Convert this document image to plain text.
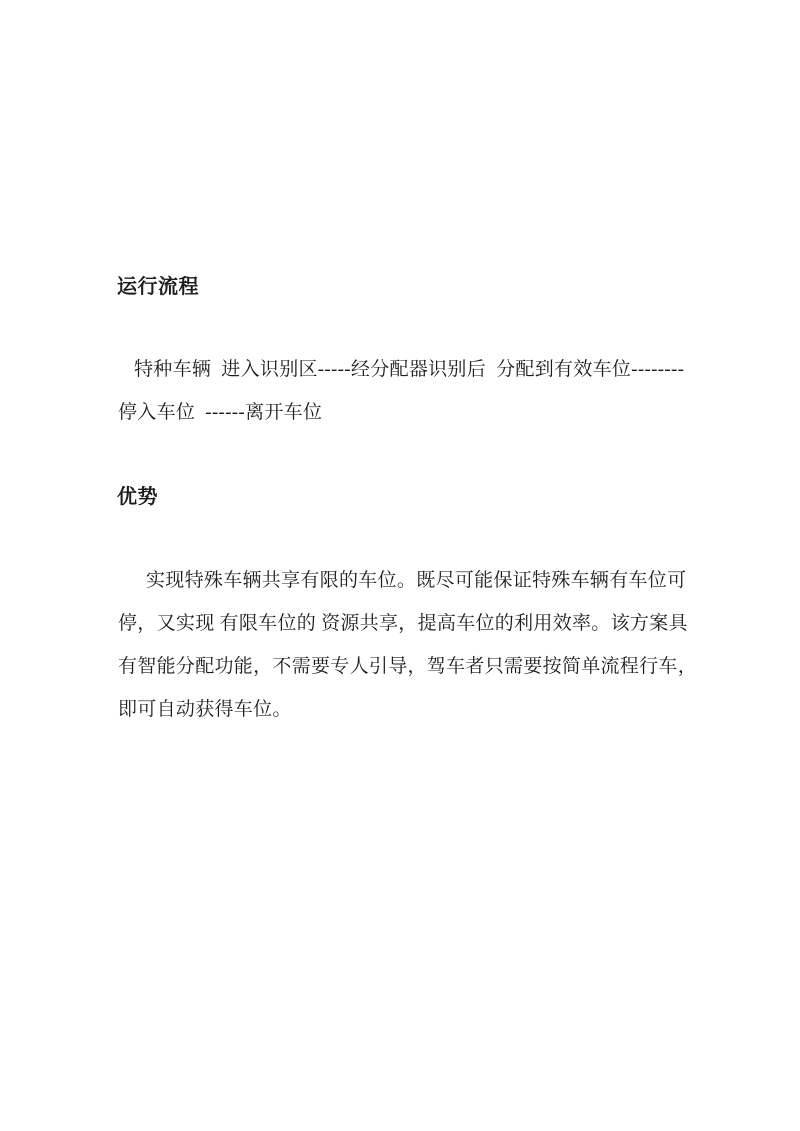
运行流程
特种车辆  进入识别区-----经分配器识别后  分配到有效车位--------
停入车位  ------离开车位
优势
实现特殊车辆共享有限的车位。既尽可能保证特殊车辆有车位可
停，又实现 有限车位的 资源共享，提高车位的利用效率。该方案具
有智能分配功能，不需要专人引导，驾车者只需要按简单流程行车，
即可自动获得车位。
